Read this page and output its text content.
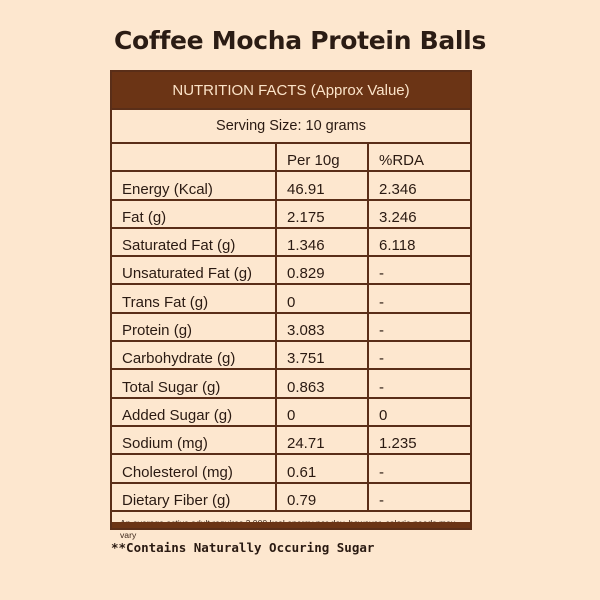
Coffee Mocha Protein Balls
NUTRITION FACTS (Approx Value)
Serving Size: 10 grams
	Per 10g	%RDA
Energy (Kcal)	46.91	2.346
Fat (g)	2.175	3.246
Saturated Fat (g)	1.346	6.118
Unsaturated Fat (g)	0.829	-
Trans Fat (g)	0	-
Protein (g)	3.083	-
Carbohydrate (g)	3.751	-
Total Sugar (g)	0.863	-
Added Sugar (g)	0	0
Sodium (mg)	24.71	1.235
Cholesterol (mg)	0.61	-
Dietary Fiber (g)	0.79	-
vary
**Contains Naturally Occuring Sugar
